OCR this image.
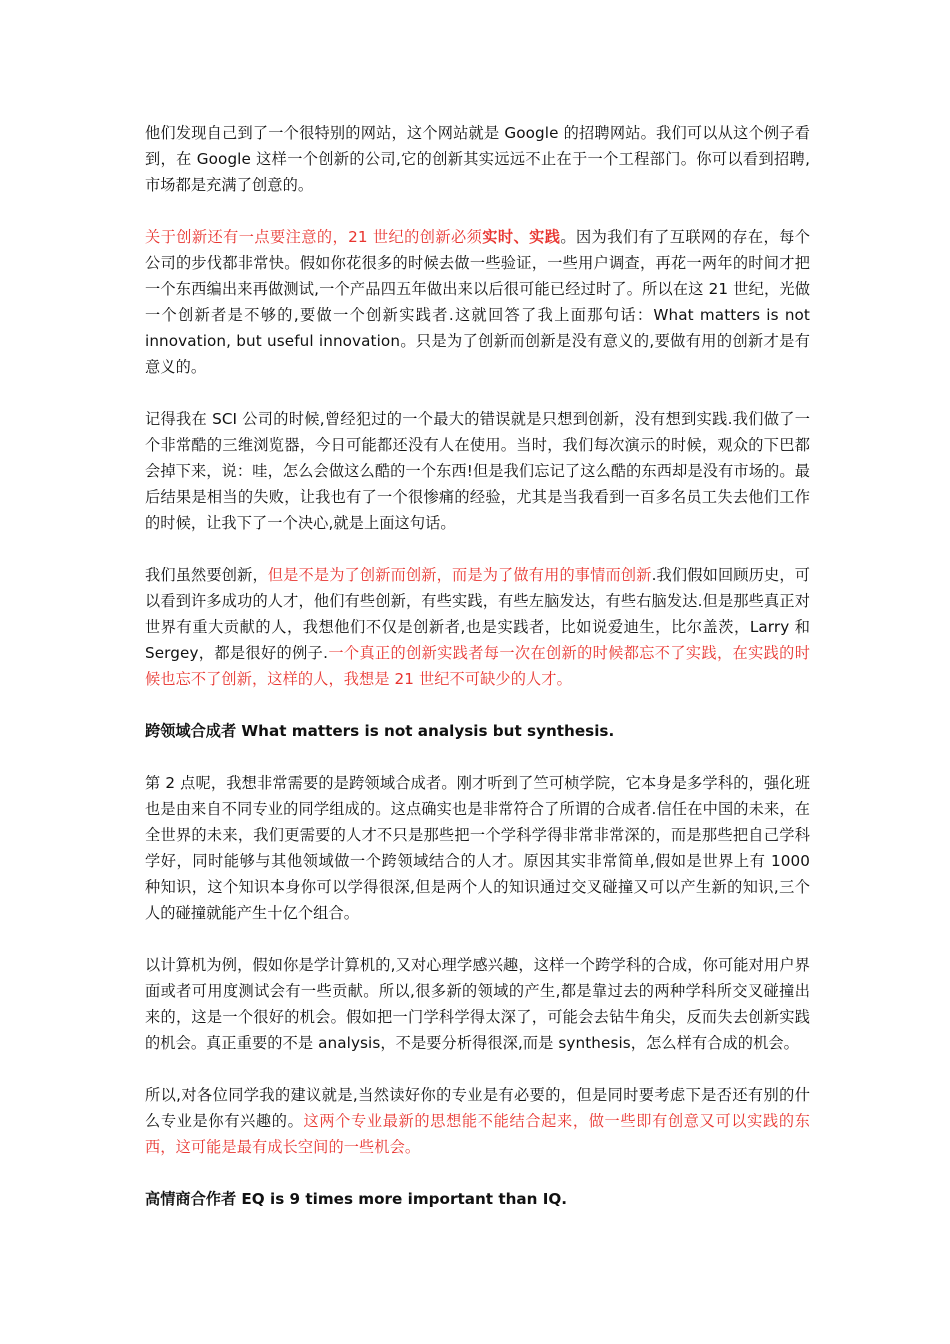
他们发现自己到了一个很特别的网站，这个网站就是 Google 的招聘网站。我们可以从这个例子看到，在 Google 这样一个创新的公司,它的创新其实远远不止在于一个工程部门。你可以看到招聘,市场都是充满了创意的。

关于创新还有一点要注意的，21 世纪的创新必须实时、实践。因为我们有了互联网的存在，每个公司的步伐都非常快。假如你花很多的时候去做一些验证，一些用户调查，再花一两年的时间才把一个东西编出来再做测试,一个产品四五年做出来以后很可能已经过时了。所以在这 21 世纪，光做一个创新者是不够的,要做一个创新实践者.这就回答了我上面那句话：What matters is not innovation, but useful innovation。只是为了创新而创新是没有意义的,要做有用的创新才是有意义的。

记得我在 SCI 公司的时候,曾经犯过的一个最大的错误就是只想到创新，没有想到实践.我们做了一个非常酷的三维浏览器，今日可能都还没有人在使用。当时，我们每次演示的时候，观众的下巴都会掉下来，说：哇，怎么会做这么酷的一个东西!但是我们忘记了这么酷的东西却是没有市场的。最后结果是相当的失败，让我也有了一个很惨痛的经验，尤其是当我看到一百多名员工失去他们工作的时候，让我下了一个决心,就是上面这句话。

我们虽然要创新，但是不是为了创新而创新，而是为了做有用的事情而创新.我们假如回顾历史，可以看到许多成功的人才，他们有些创新，有些实践，有些左脑发达，有些右脑发达.但是那些真正对世界有重大贡献的人，我想他们不仅是创新者,也是实践者，比如说爱迪生，比尔盖茨，Larry 和 Sergey，都是很好的例子.一个真正的创新实践者每一次在创新的时候都忘不了实践，在实践的时候也忘不了创新，这样的人，我想是 21 世纪不可缺少的人才。

跨领域合成者 What matters is not analysis but synthesis.

第 2 点呢，我想非常需要的是跨领域合成者。刚才听到了竺可桢学院，它本身是多学科的，强化班也是由来自不同专业的同学组成的。这点确实也是非常符合了所谓的合成者.信任在中国的未来，在全世界的未来，我们更需要的人才不只是那些把一个学科学得非常非常深的，而是那些把自己学科学好，同时能够与其他领域做一个跨领域结合的人才。原因其实非常简单,假如是世界上有 1000 种知识，这个知识本身你可以学得很深,但是两个人的知识通过交叉碰撞又可以产生新的知识,三个人的碰撞就能产生十亿个组合。

以计算机为例，假如你是学计算机的,又对心理学感兴趣，这样一个跨学科的合成，你可能对用户界面或者可用度测试会有一些贡献。所以,很多新的领域的产生,都是靠过去的两种学科所交叉碰撞出来的，这是一个很好的机会。假如把一门学科学得太深了，可能会去钻牛角尖，反而失去创新实践的机会。真正重要的不是 analysis，不是要分析得很深,而是 synthesis，怎么样有合成的机会。

所以,对各位同学我的建议就是,当然读好你的专业是有必要的，但是同时要考虑下是否还有别的什么专业是你有兴趣的。这两个专业最新的思想能不能结合起来，做一些即有创意又可以实践的东西，这可能是最有成长空间的一些机会。

高情商合作者 EQ is 9 times more important than IQ.
